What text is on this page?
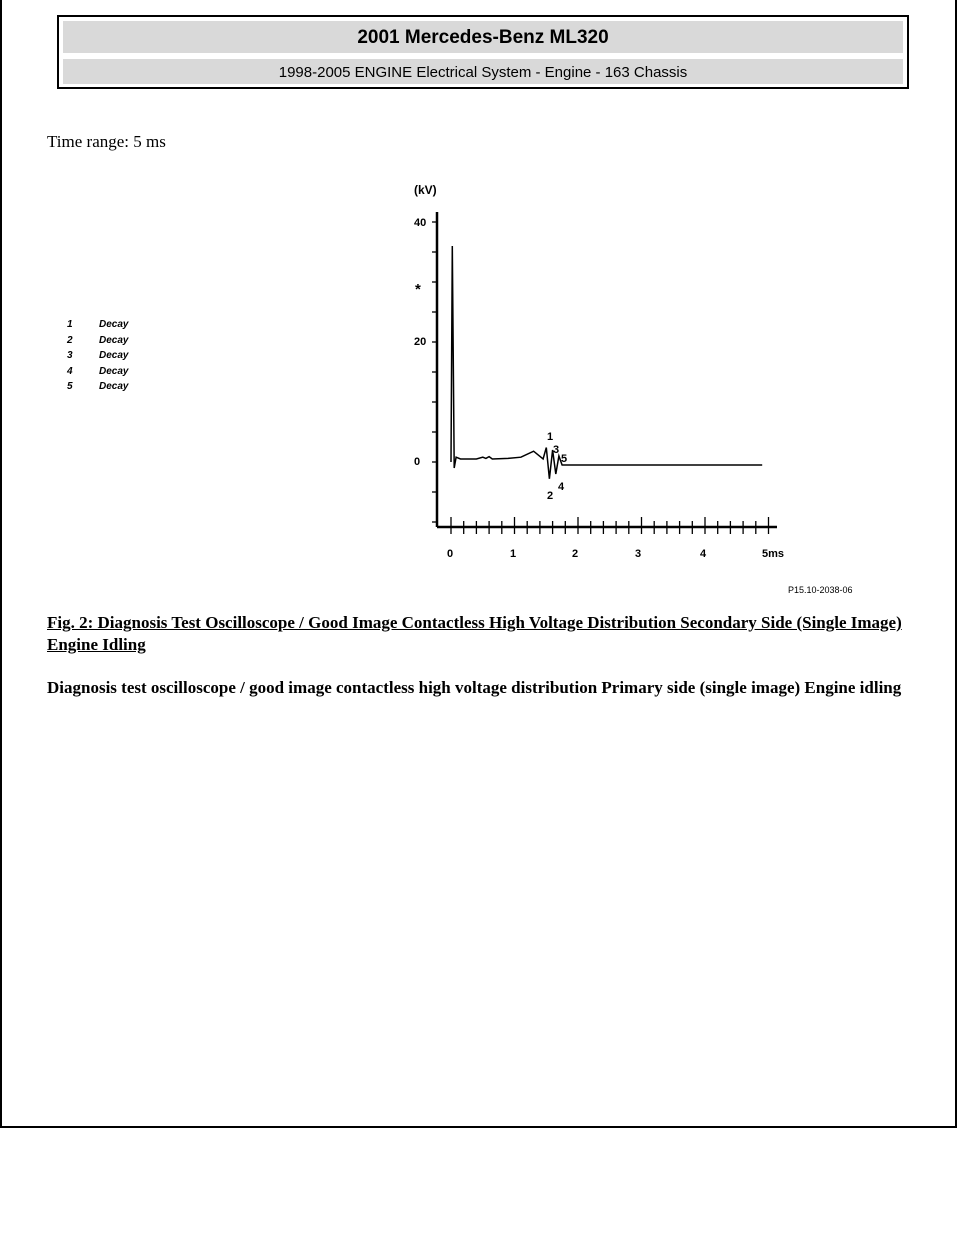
2001 Mercedes-Benz ML320
1998-2005 ENGINE Electrical System - Engine - 163 Chassis
Time range: 5 ms
1	Decay
2	Decay
3	Decay
4	Decay
5	Decay
(kV)
40
*
20
0
0	1	2	3	4	5ms
1
2
3
4
5
P15.10-2038-06
Fig. 2: Diagnosis Test Oscilloscope / Good Image Contactless High Voltage Distribution Secondary Side (Single Image) Engine Idling
Diagnosis test oscilloscope / good image contactless high voltage distribution Primary side (single image) Engine idling
